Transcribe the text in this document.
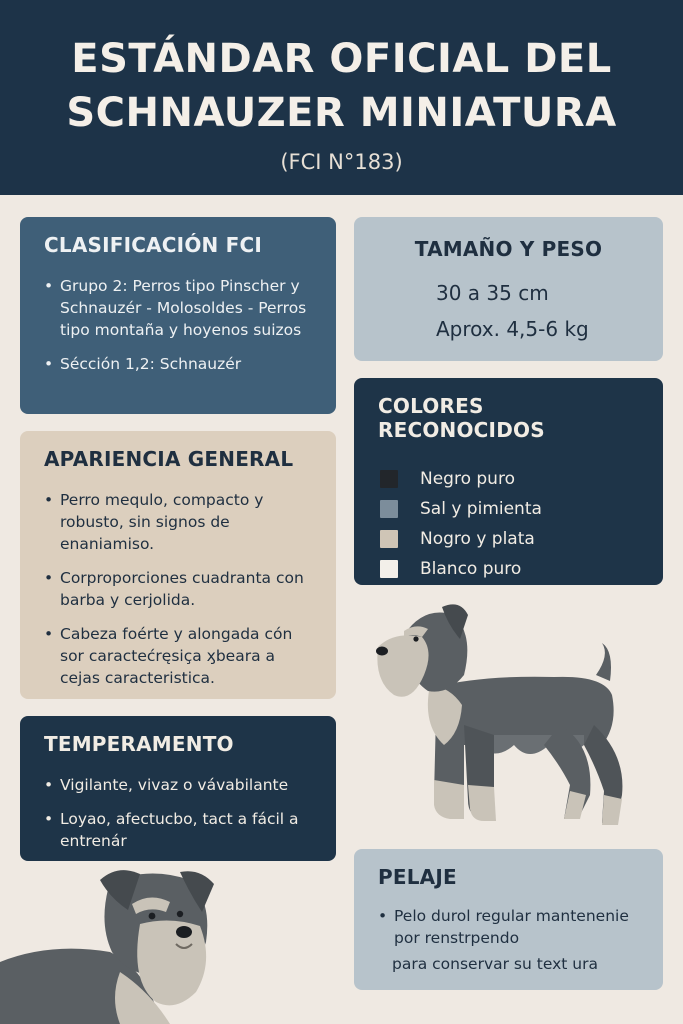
ESTÁNDAR OFICIAL DEL
SCHNAUZER MINIATURA
(FCI N°183)
CLASIFICACIÓN FCI
• Grupo 2: Perros tipo Pinscher y Schnauzér - Molosoldes - Perros tipo montaña y hoyenos suizos
• Sécción 1,2: Schnauzér
TAMAÑO Y PESO
30 a 35 cm
Aprox. 4,5-6 kg
COLORES RECONOCIDOS
Negro puro
Sal y pimienta
Nogro y plata
Blanco puro
APARIENCIA GENERAL
• Perro mequlo, compacto y robusto, sin signos de enaniamiso.
• Corproporciones cuadranta con barba y cerjolida.
• Cabeza foérte y alongada cón sor caractećręsiça ӽbeara a cejas caracteristica.
TEMPERAMENTO
• Vigilante, vivaz o vávabilante
• Loyao, afectucbo, tact a fácil a entrenár
PELAJE
• Pelo durol regular mantenenie por renstrpendo
para conservar su text ura
